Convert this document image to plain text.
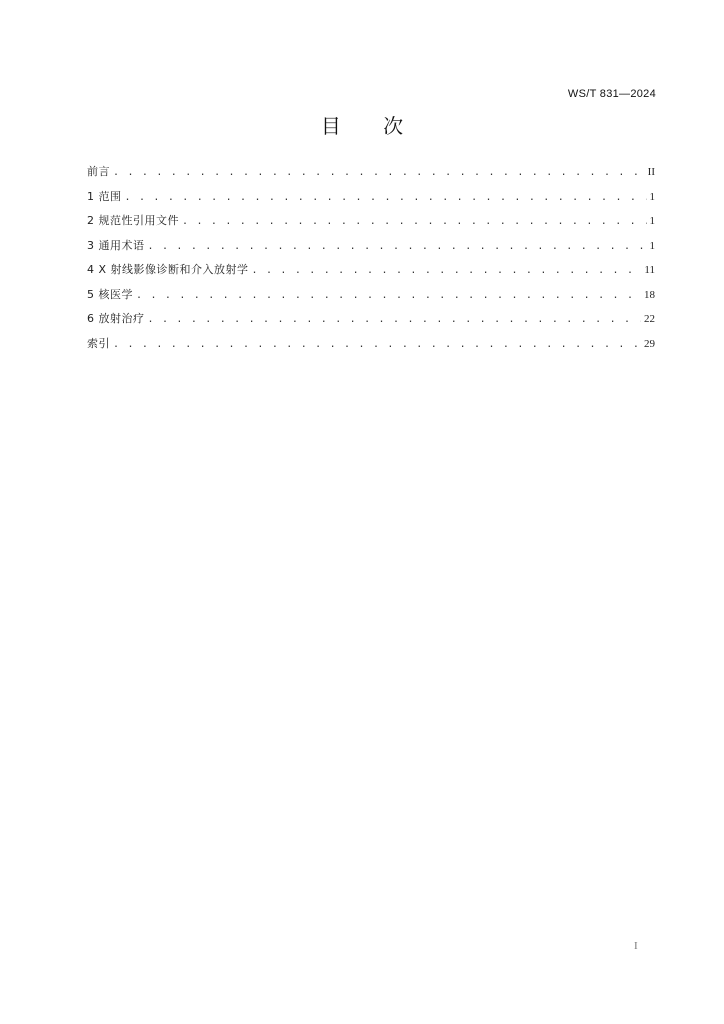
WS/T 831—2024
目 次
前言 . . .	II
1 范围 . . .	1
2 规范性引用文件 . . .	1
3 通用术语 . . .	1
4 X 射线影像诊断和介入放射学 . . .	11
5 核医学 . . .	18
6 放射治疗 . . .	22
索引 . . .	29
I
